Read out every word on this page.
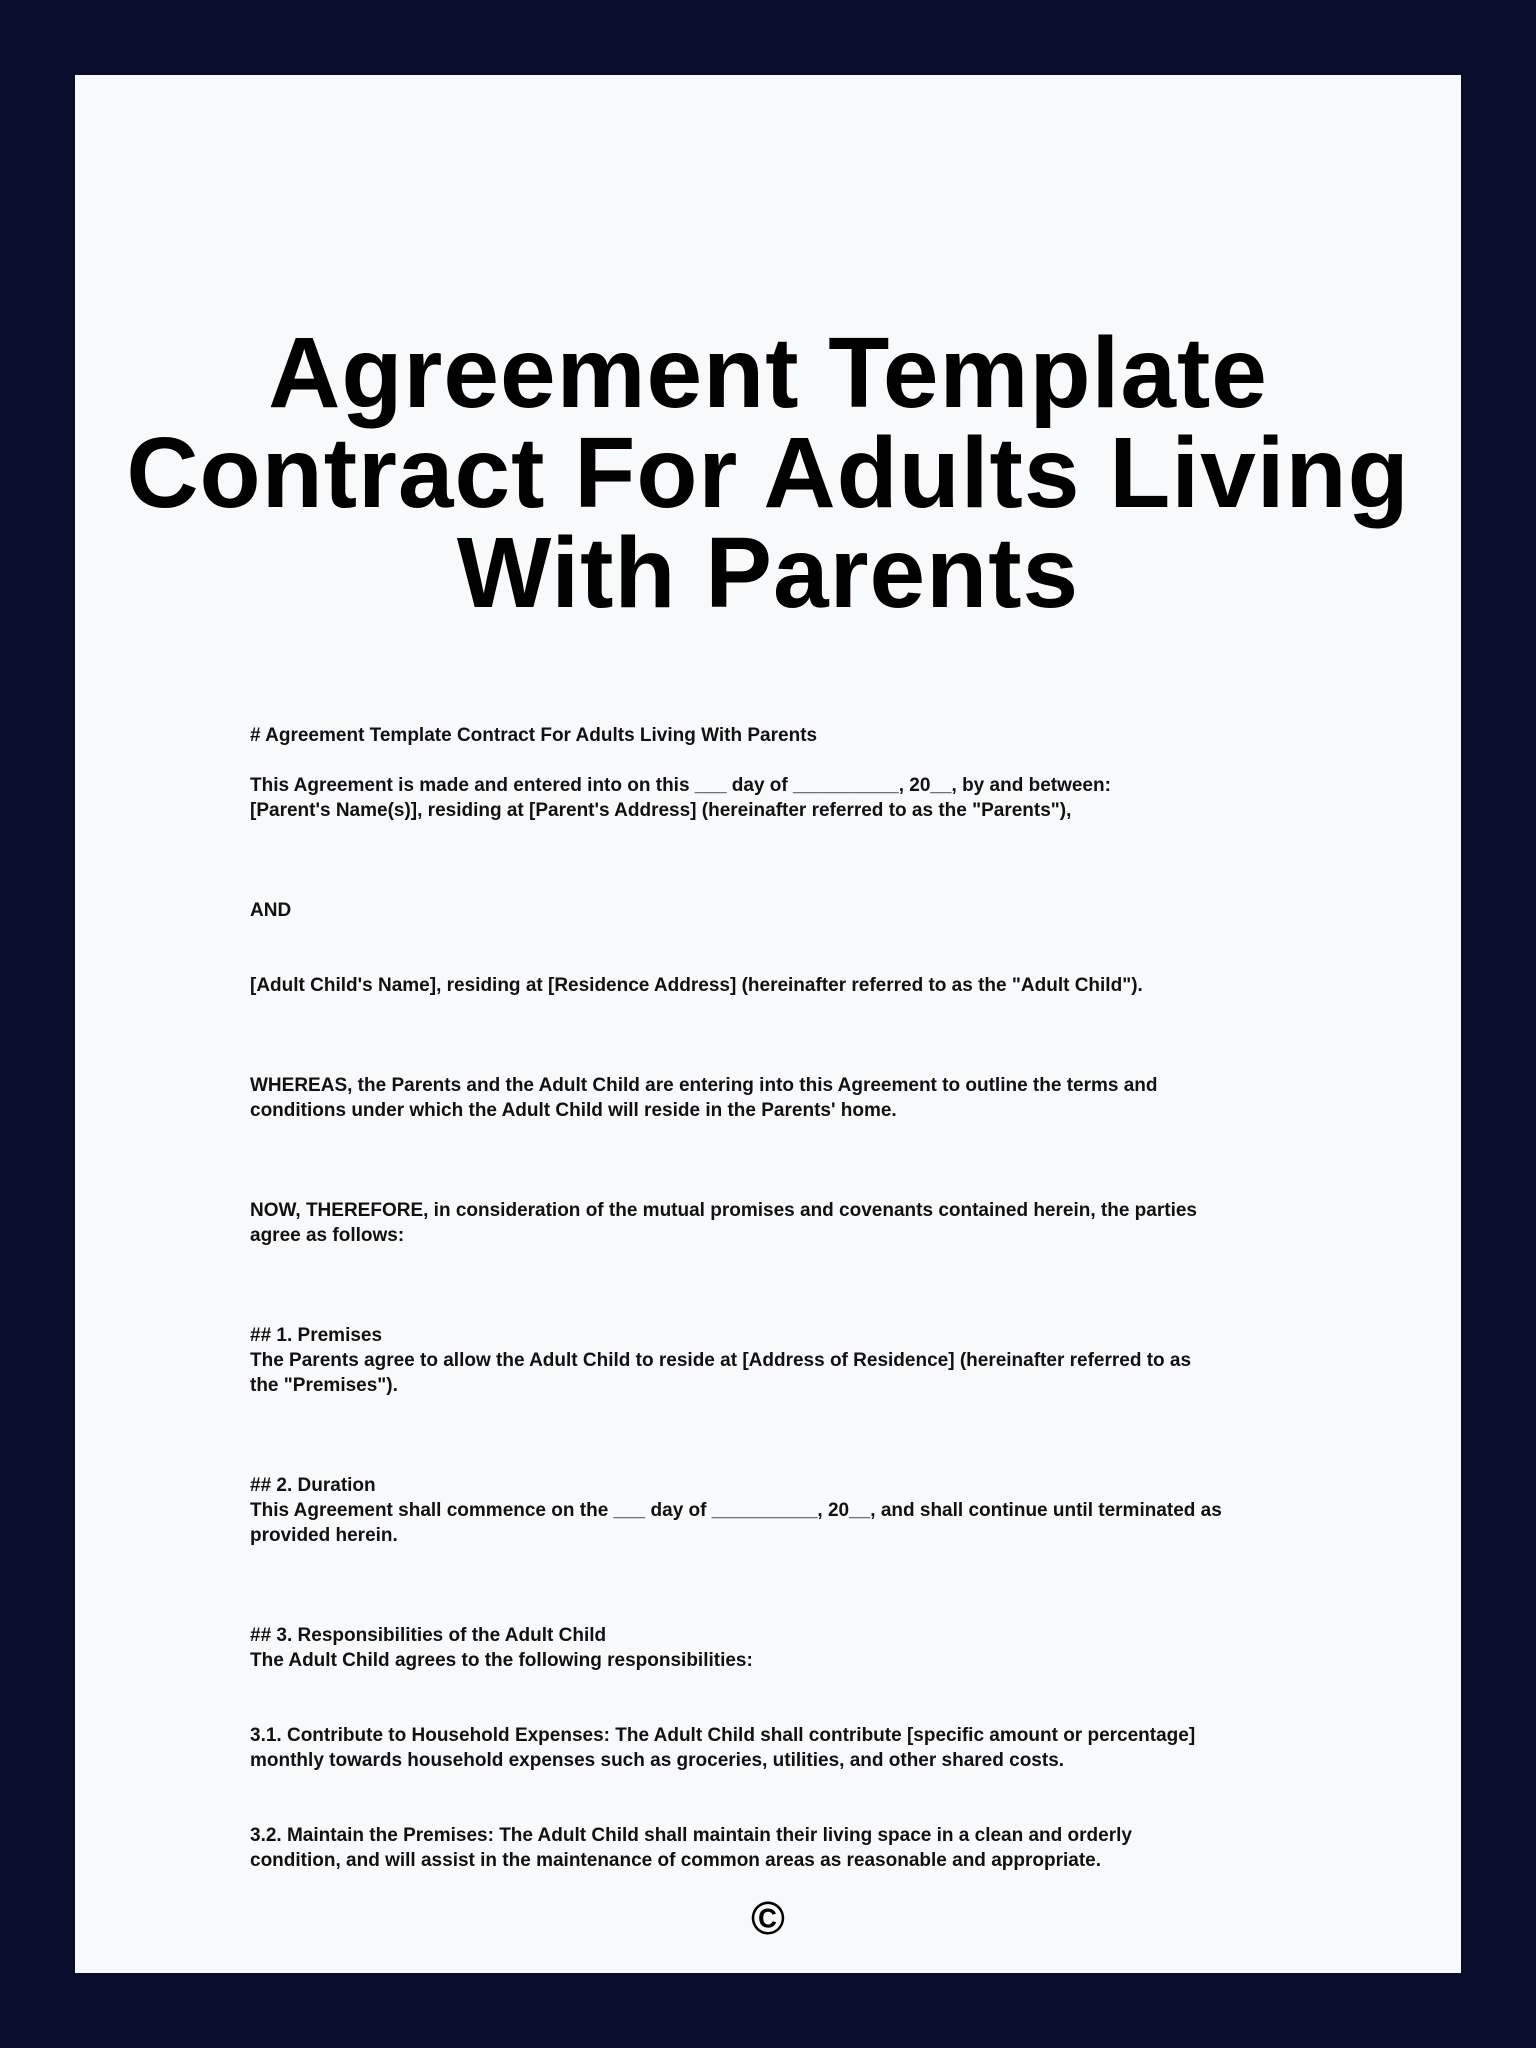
Agreement Template
Contract For Adults Living
With Parents

# Agreement Template Contract For Adults Living With Parents

This Agreement is made and entered into on this ___ day of __________, 20__, by and between:
[Parent's Name(s)], residing at [Parent's Address] (hereinafter referred to as the "Parents"),

AND

[Adult Child's Name], residing at [Residence Address] (hereinafter referred to as the "Adult Child").

WHEREAS, the Parents and the Adult Child are entering into this Agreement to outline the terms and
conditions under which the Adult Child will reside in the Parents' home.

NOW, THEREFORE, in consideration of the mutual promises and covenants contained herein, the parties
agree as follows:

## 1. Premises
The Parents agree to allow the Adult Child to reside at [Address of Residence] (hereinafter referred to as
the "Premises").

## 2. Duration
This Agreement shall commence on the ___ day of __________, 20__, and shall continue until terminated as
provided herein.

## 3. Responsibilities of the Adult Child
The Adult Child agrees to the following responsibilities:

3.1. Contribute to Household Expenses: The Adult Child shall contribute [specific amount or percentage]
monthly towards household expenses such as groceries, utilities, and other shared costs.

3.2. Maintain the Premises: The Adult Child shall maintain their living space in a clean and orderly
condition, and will assist in the maintenance of common areas as reasonable and appropriate.

©
